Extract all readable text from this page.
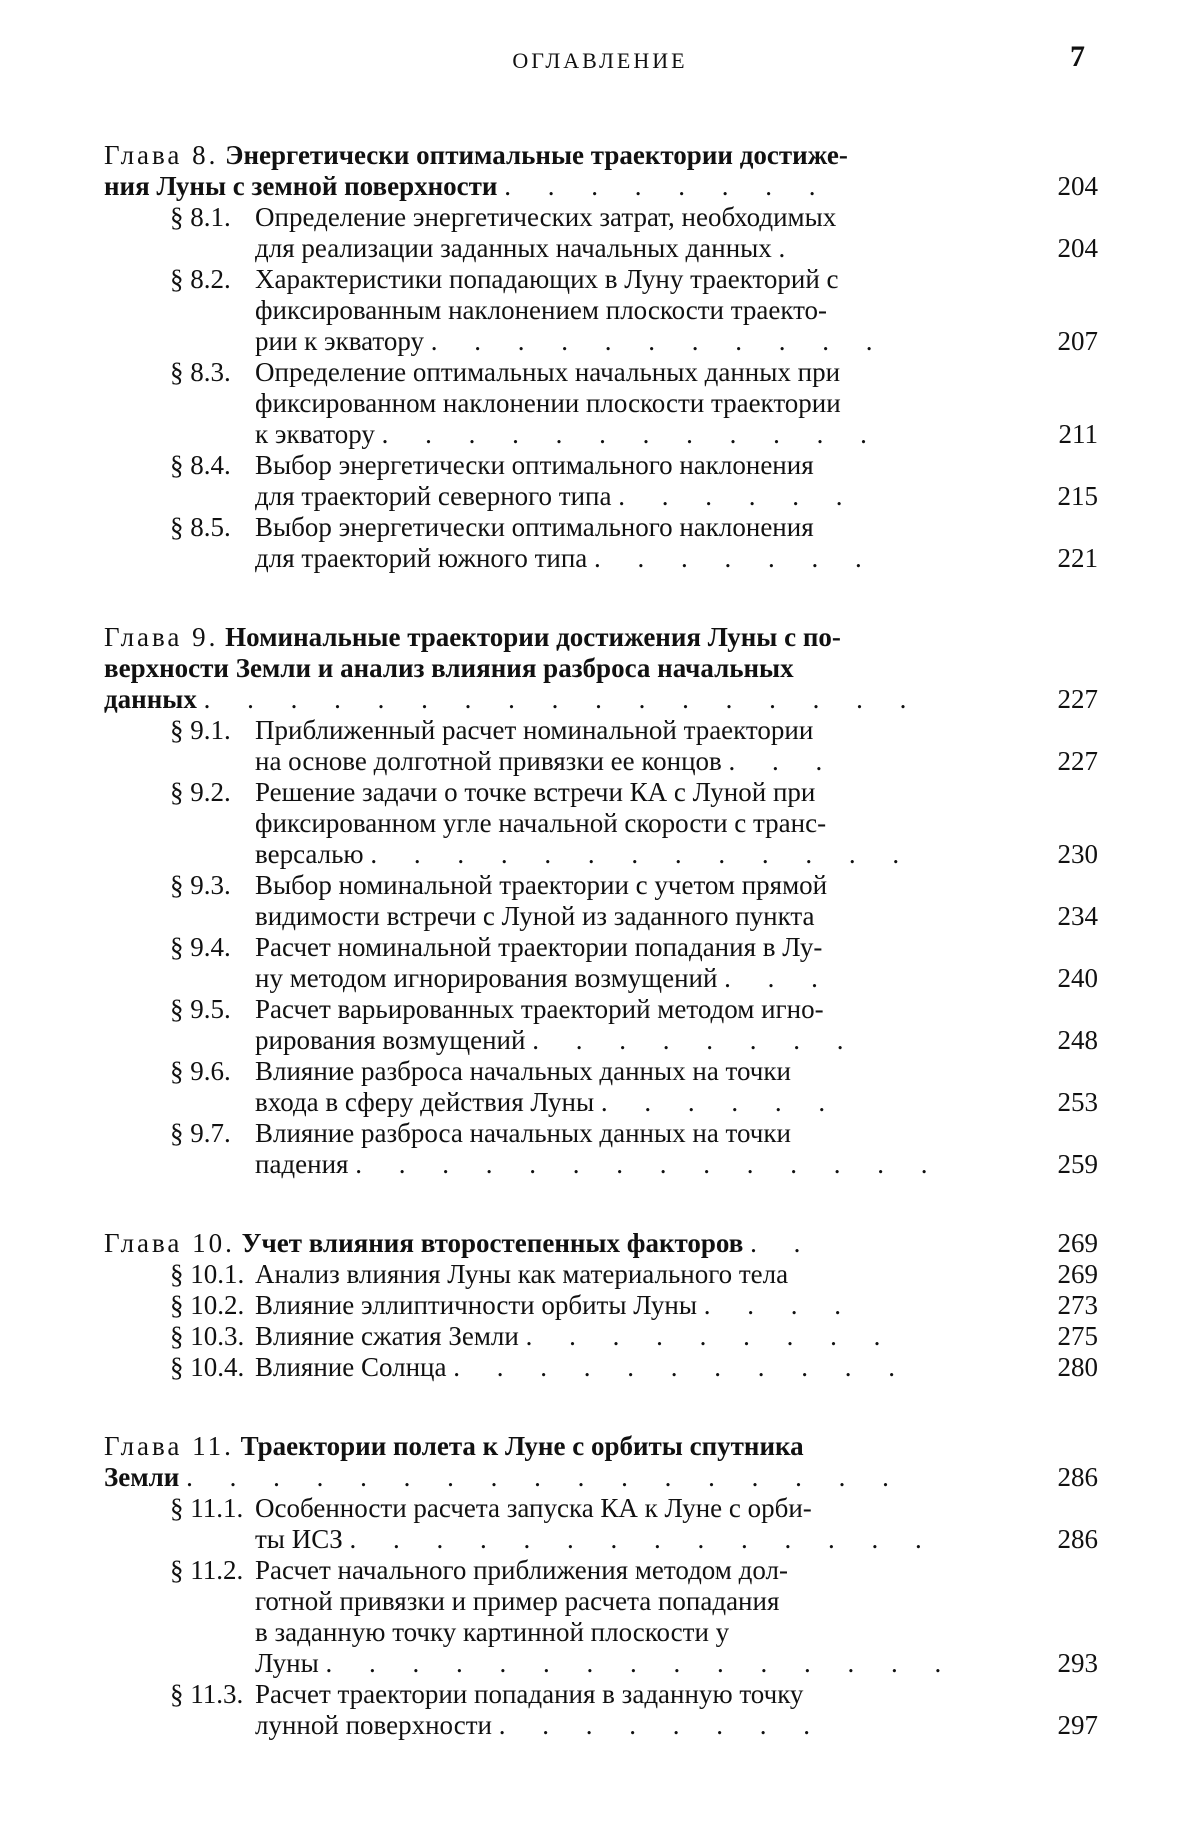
ОГЛАВЛЕНИЕ	7
Глава 8. Энергетически оптимальные траектории достиже-
ния Луны с земной поверхности . . . . . . . .	204
§ 8.1. Определение энергетических затрат, необходимых
для реализации заданных начальных данных .	204
§ 8.2. Характеристики попадающих в Луну траекторий с
фиксированным наклонением плоскости траекто-
рии к экватору . . . . . . . . . . .	207
§ 8.3. Определение оптимальных начальных данных при
фиксированном наклонении плоскости траектории
к экватору . . . . . . . . . . . .	211
§ 8.4. Выбор энергетически оптимального наклонения
для траекторий северного типа . . . . . .	215
§ 8.5. Выбор энергетически оптимального наклонения
для траекторий южного типа . . . . . . .	221
Глава 9. Номинальные траектории достижения Луны с по-
верхности Земли и анализ влияния разброса начальных
данных . . . . . . . . . . . . . . . . .	227
§ 9.1. Приближенный расчет номинальной траектории
на основе долготной привязки ее концов . . .	227
§ 9.2. Решение задачи о точке встречи КА с Луной при
фиксированном угле начальной скорости с транс-
версалью . . . . . . . . . . . . .	230
§ 9.3. Выбор номинальной траектории с учетом прямой
видимости встречи с Луной из заданного пункта	234
§ 9.4. Расчет номинальной траектории попадания в Лу-
ну методом игнорирования возмущений . . .	240
§ 9.5. Расчет варьированных траекторий методом игно-
рирования возмущений . . . . . . . .	248
§ 9.6. Влияние разброса начальных данных на точки
входа в сферу действия Луны . . . . . .	253
§ 9.7. Влияние разброса начальных данных на точки
падения . . . . . . . . . . . . . .	259
Глава 10. Учет влияния второстепенных факторов . .	269
§ 10.1. Анализ влияния Луны как материального тела	269
§ 10.2. Влияние эллиптичности орбиты Луны . . . .	273
§ 10.3. Влияние сжатия Земли . . . . . . . . .	275
§ 10.4. Влияние Солнца . . . . . . . . . . .	280
Глава 11. Траектории полета к Луне с орбиты спутника
Земли . . . . . . . . . . . . . . . . .	286
§ 11.1. Особенности расчета запуска КА к Луне с орби-
ты ИСЗ . . . . . . . . . . . . . .	286
§ 11.2. Расчет начального приближения методом дол-
готной привязки и пример расчета попадания
в заданную точку картинной плоскости у
Луны . . . . . . . . . . . . . . .	293
§ 11.3. Расчет траектории попадания в заданную точку
лунной поверхности . . . . . . . .	297
